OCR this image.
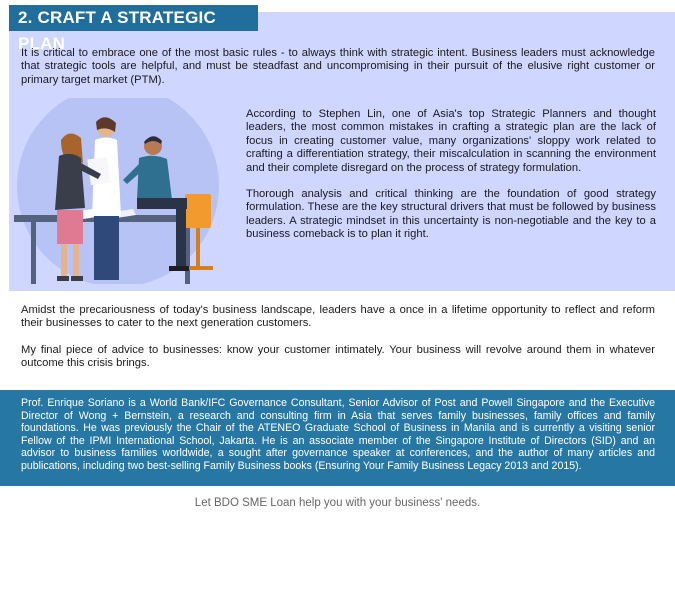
2. CRAFT A STRATEGIC PLAN

It is critical to embrace one of the most basic rules - to always think with strategic intent. Business leaders must acknowledge that strategic tools are helpful, and must be steadfast and uncompromising in their pursuit of the elusive right customer or primary target market (PTM).

According to Stephen Lin, one of Asia's top Strategic Planners and thought leaders, the most common mistakes in crafting a strategic plan are the lack of focus in creating customer value, many organizations' sloppy work related to crafting a differentiation strategy, their miscalculation in scanning the environment and their complete disregard on the process of strategy formulation.

Thorough analysis and critical thinking are the foundation of good strategy formulation. These are the key structural drivers that must be followed by business leaders. A strategic mindset in this uncertainty is non-negotiable and the key to a business comeback is to plan it right.

Amidst the precariousness of today's business landscape, leaders have a once in a lifetime opportunity to reflect and reform their businesses to cater to the next generation customers.

My final piece of advice to businesses: know your customer intimately. Your business will revolve around them in whatever outcome this crisis brings.

Prof. Enrique Soriano is a World Bank/IFC Governance Consultant, Senior Advisor of Post and Powell Singapore and the Executive Director of Wong + Bernstein, a research and consulting firm in Asia that serves family businesses, family offices and family foundations. He was previously the Chair of the ATENEO Graduate School of Business in Manila and is currently a visiting senior Fellow of the IPMI International School, Jakarta. He is an associate member of the Singapore Institute of Directors (SID) and an advisor to business families worldwide, a sought after governance speaker at conferences, and the author of many articles and publications, including two best-selling Family Business books (Ensuring Your Family Business Legacy 2013 and 2015).

Let BDO SME Loan help you with your business' needs.
